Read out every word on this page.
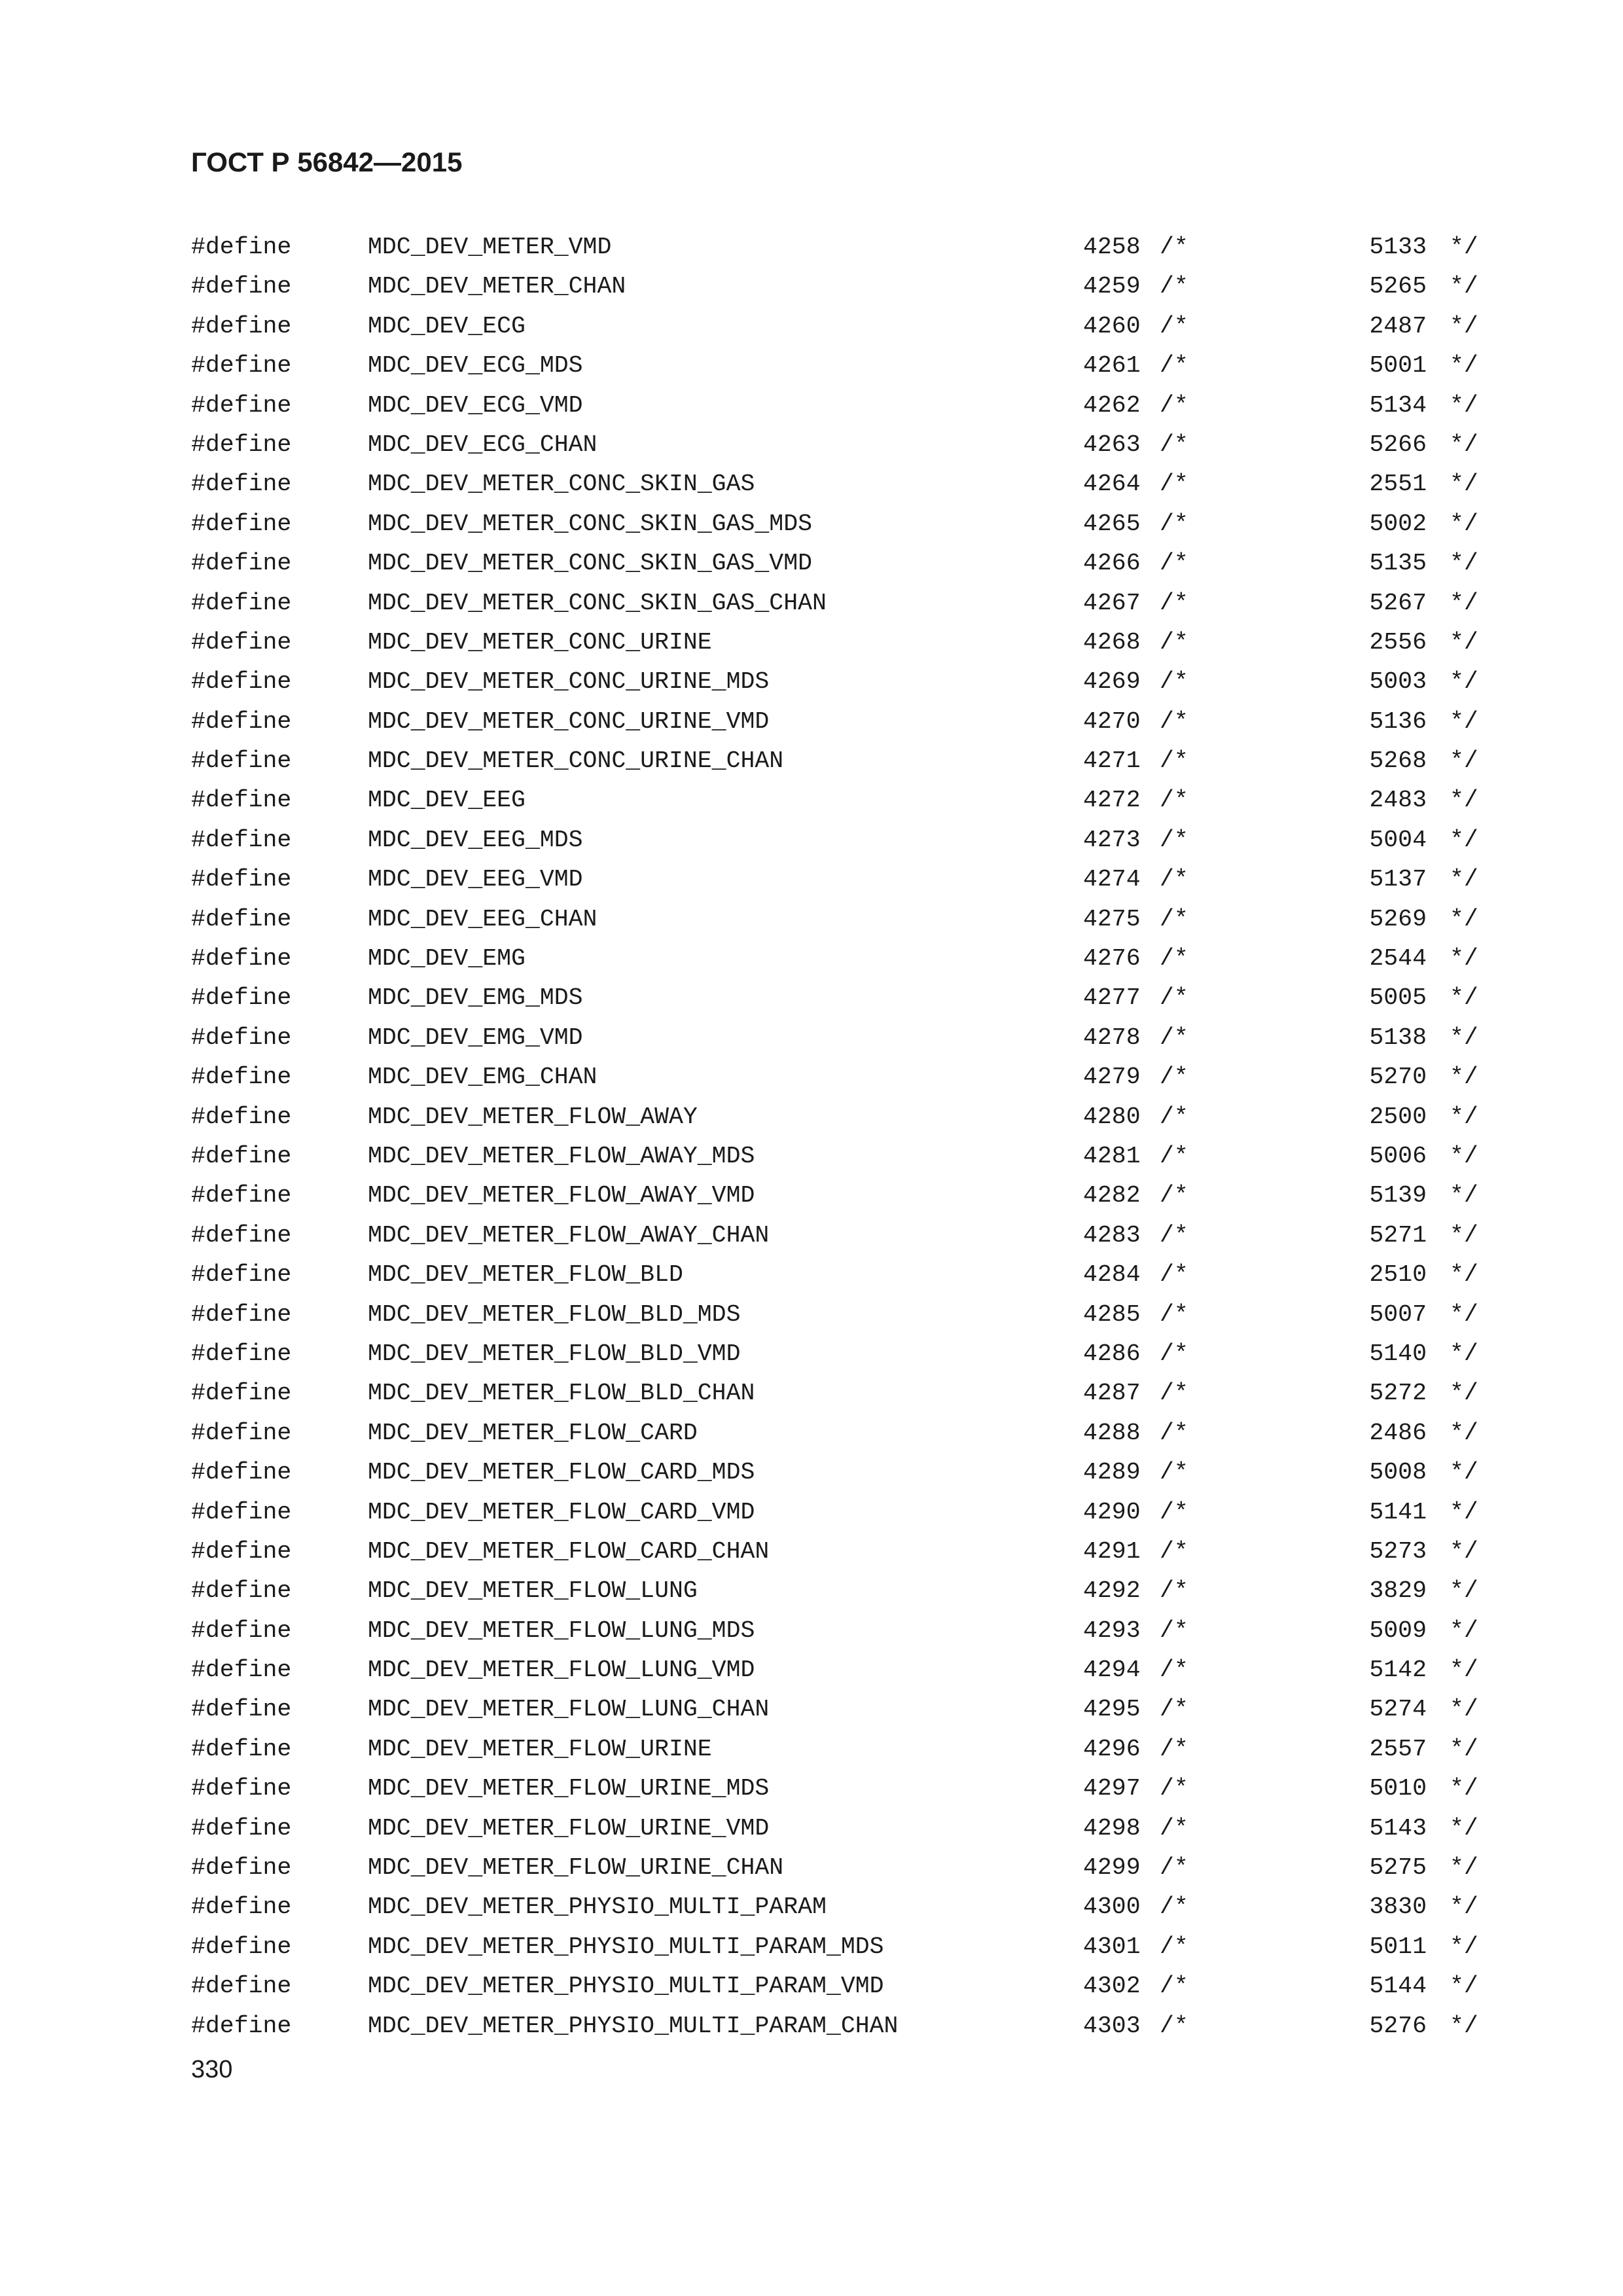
ГОСТ Р 56842—2015
#define	MDC_DEV_METER_VMD	4258 /*	5133 */
#define	MDC_DEV_METER_CHAN	4259 /*	5265 */
#define	MDC_DEV_ECG	4260 /*	2487 */
#define	MDC_DEV_ECG_MDS	4261 /*	5001 */
#define	MDC_DEV_ECG_VMD	4262 /*	5134 */
#define	MDC_DEV_ECG_CHAN	4263 /*	5266 */
#define	MDC_DEV_METER_CONC_SKIN_GAS	4264 /*	2551 */
#define	MDC_DEV_METER_CONC_SKIN_GAS_MDS	4265 /*	5002 */
#define	MDC_DEV_METER_CONC_SKIN_GAS_VMD	4266 /*	5135 */
#define	MDC_DEV_METER_CONC_SKIN_GAS_CHAN	4267 /*	5267 */
#define	MDC_DEV_METER_CONC_URINE	4268 /*	2556 */
#define	MDC_DEV_METER_CONC_URINE_MDS	4269 /*	5003 */
#define	MDC_DEV_METER_CONC_URINE_VMD	4270 /*	5136 */
#define	MDC_DEV_METER_CONC_URINE_CHAN	4271 /*	5268 */
#define	MDC_DEV_EEG	4272 /*	2483 */
#define	MDC_DEV_EEG_MDS	4273 /*	5004 */
#define	MDC_DEV_EEG_VMD	4274 /*	5137 */
#define	MDC_DEV_EEG_CHAN	4275 /*	5269 */
#define	MDC_DEV_EMG	4276 /*	2544 */
#define	MDC_DEV_EMG_MDS	4277 /*	5005 */
#define	MDC_DEV_EMG_VMD	4278 /*	5138 */
#define	MDC_DEV_EMG_CHAN	4279 /*	5270 */
#define	MDC_DEV_METER_FLOW_AWAY	4280 /*	2500 */
#define	MDC_DEV_METER_FLOW_AWAY_MDS	4281 /*	5006 */
#define	MDC_DEV_METER_FLOW_AWAY_VMD	4282 /*	5139 */
#define	MDC_DEV_METER_FLOW_AWAY_CHAN	4283 /*	5271 */
#define	MDC_DEV_METER_FLOW_BLD	4284 /*	2510 */
#define	MDC_DEV_METER_FLOW_BLD_MDS	4285 /*	5007 */
#define	MDC_DEV_METER_FLOW_BLD_VMD	4286 /*	5140 */
#define	MDC_DEV_METER_FLOW_BLD_CHAN	4287 /*	5272 */
#define	MDC_DEV_METER_FLOW_CARD	4288 /*	2486 */
#define	MDC_DEV_METER_FLOW_CARD_MDS	4289 /*	5008 */
#define	MDC_DEV_METER_FLOW_CARD_VMD	4290 /*	5141 */
#define	MDC_DEV_METER_FLOW_CARD_CHAN	4291 /*	5273 */
#define	MDC_DEV_METER_FLOW_LUNG	4292 /*	3829 */
#define	MDC_DEV_METER_FLOW_LUNG_MDS	4293 /*	5009 */
#define	MDC_DEV_METER_FLOW_LUNG_VMD	4294 /*	5142 */
#define	MDC_DEV_METER_FLOW_LUNG_CHAN	4295 /*	5274 */
#define	MDC_DEV_METER_FLOW_URINE	4296 /*	2557 */
#define	MDC_DEV_METER_FLOW_URINE_MDS	4297 /*	5010 */
#define	MDC_DEV_METER_FLOW_URINE_VMD	4298 /*	5143 */
#define	MDC_DEV_METER_FLOW_URINE_CHAN	4299 /*	5275 */
#define	MDC_DEV_METER_PHYSIO_MULTI_PARAM	4300 /*	3830 */
#define	MDC_DEV_METER_PHYSIO_MULTI_PARAM_MDS	4301 /*	5011 */
#define	MDC_DEV_METER_PHYSIO_MULTI_PARAM_VMD	4302 /*	5144 */
#define	MDC_DEV_METER_PHYSIO_MULTI_PARAM_CHAN	4303 /*	5276 */
330
